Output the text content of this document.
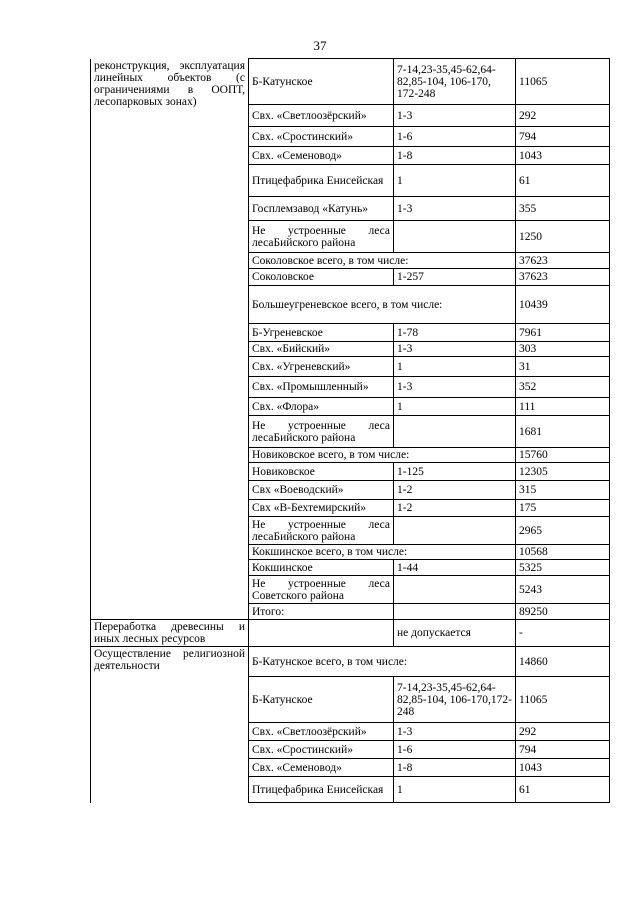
37
реконструкция, эксплуатация линейных объектов (с ограничениями в ООПТ, лесопарковых зонах)	Б-Катунское	7-14,23-35,45-62,64-82,85-104, 106-170, 172-248	11065
	Свх. «Светлоозёрский»	1-3	292
	Свх. «Сростинский»	1-6	794
	Свх. «Семеновод»	1-8	1043
	Птицефабрика Енисейская	1	61
	Госплемзавод «Катунь»	1-3	355
	Не устроенные леса лесаБийского района		1250
	Соколовское всего, в том числе:		37623
	Соколовское	1-257	37623
	Большеугреневское всего, в том числе:		10439
	Б-Угреневское	1-78	7961
	Свх. «Бийский»	1-3	303
	Свх. «Угреневский»	1	31
	Свх. «Промышленный»	1-3	352
	Свх. «Флора»	1	111
	Не устроенные леса лесаБийского района		1681
	Новиковское всего, в том числе:		15760
	Новиковское	1-125	12305
	Свх «Воеводский»	1-2	315
	Свх «В-Бехтемирский»	1-2	175
	Не устроенные леса лесаБийского района		2965
	Кокшинское всего, в том числе:		10568
	Кокшинское	1-44	5325
	Не устроенные леса Советского района		5243
	Итого:		89250
Переработка древесины и иных лесных ресурсов		не допускается	-
Осуществление религиозной деятельности	Б-Катунское всего, в том числе:		14860
	Б-Катунское	7-14,23-35,45-62,64-82,85-104, 106-170,172-248	11065
	Свх. «Светлоозёрский»	1-3	292
	Свх. «Сростинский»	1-6	794
	Свх. «Семеновод»	1-8	1043
	Птицефабрика Енисейская	1	61
